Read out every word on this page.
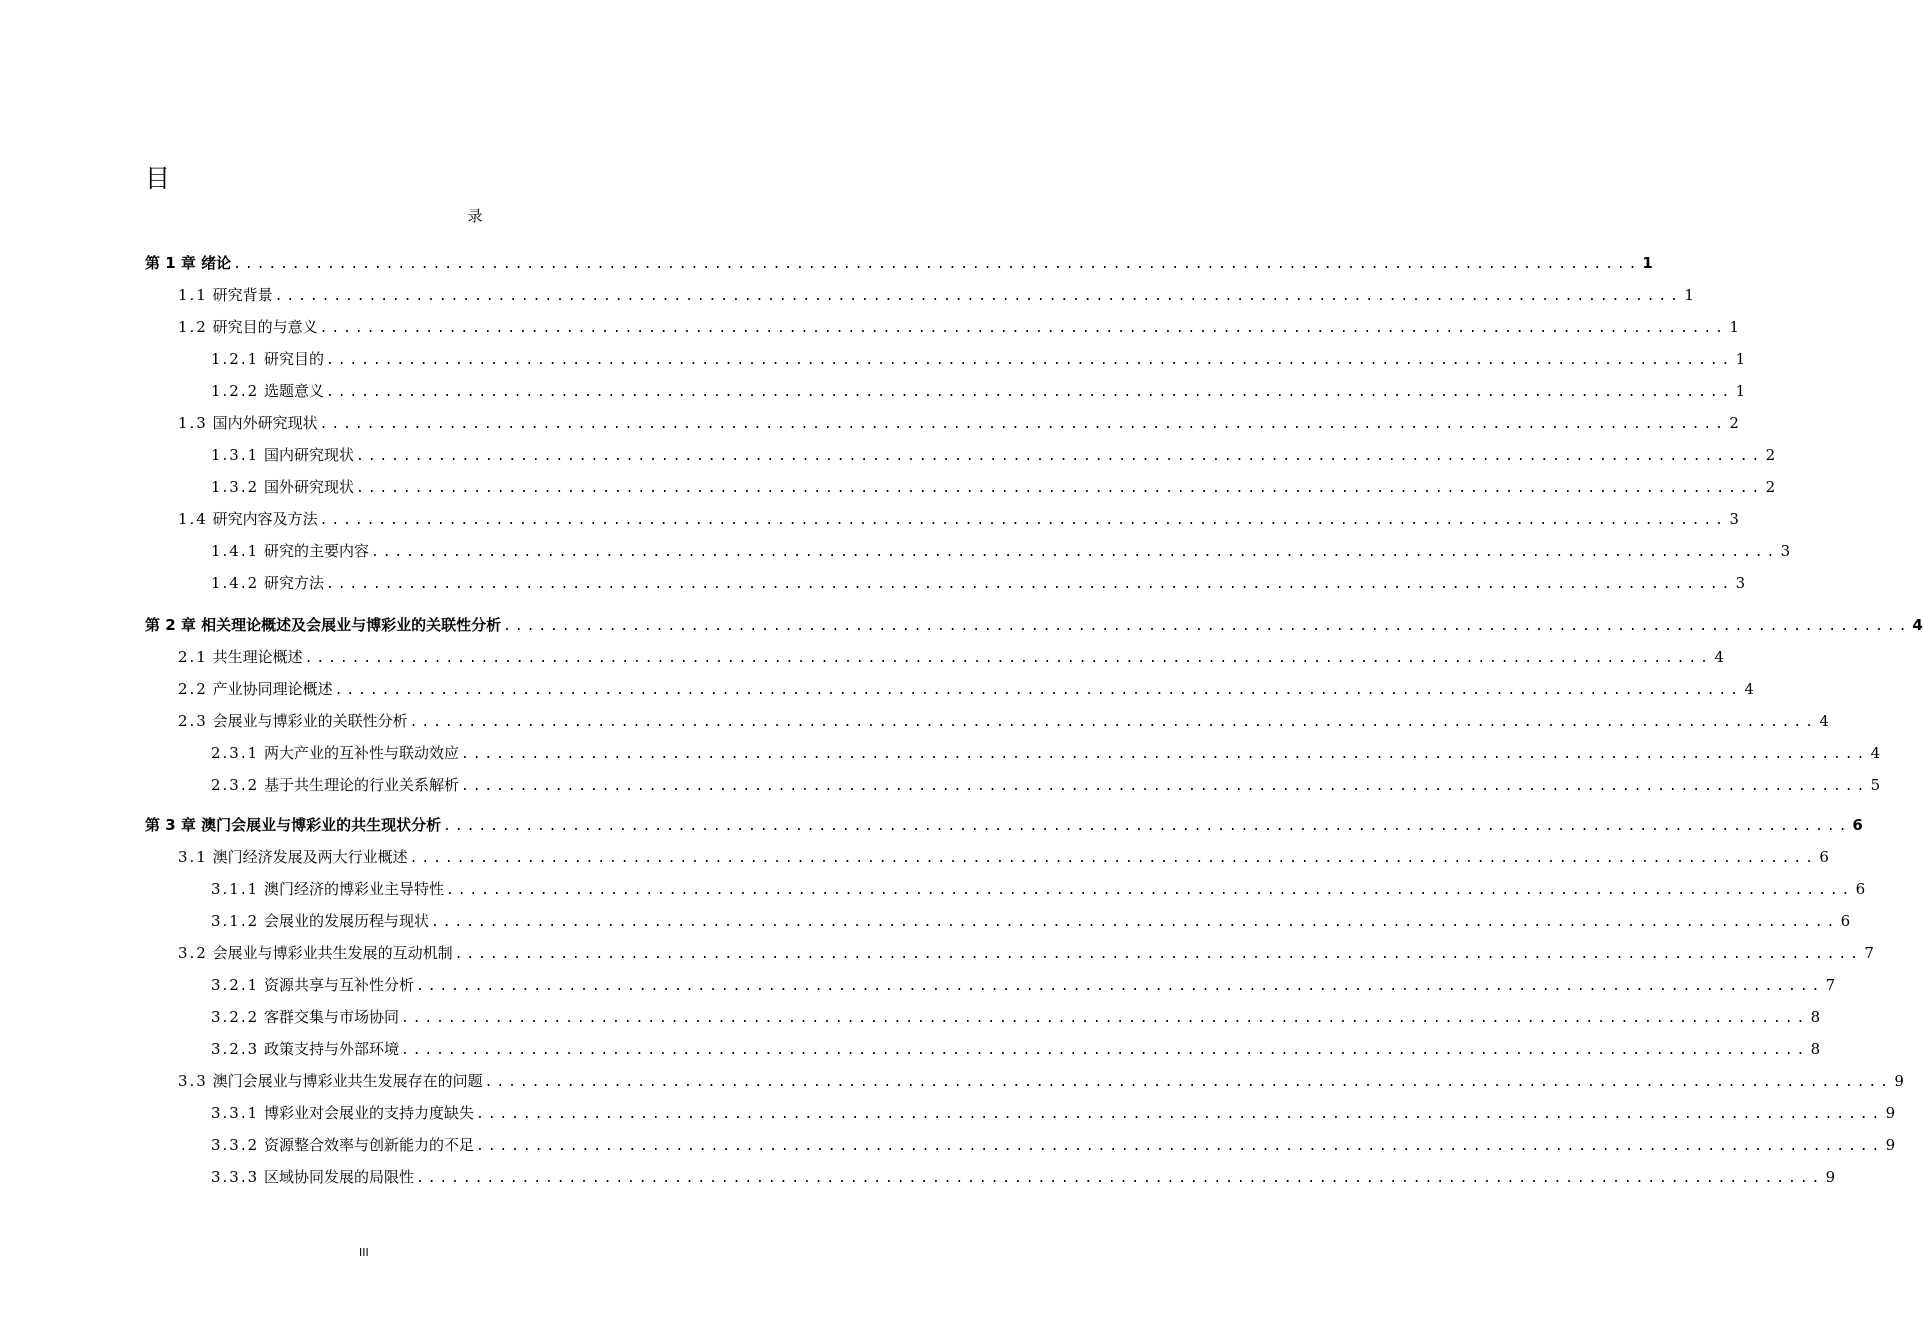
目
录
第 1 章 绪论 ........................................................................................................................ 1
1.1 研究背景 ........................................................................................................................ 1
1.2 研究目的与意义 ........................................................................................................................ 1
1.2.1 研究目的 ........................................................................................................................ 1
1.2.2 选题意义 ........................................................................................................................ 1
1.3 国内外研究现状 ........................................................................................................................ 2
1.3.1 国内研究现状 ........................................................................................................................ 2
1.3.2 国外研究现状 ........................................................................................................................ 2
1.4 研究内容及方法 ........................................................................................................................ 3
1.4.1 研究的主要内容 ........................................................................................................................ 3
1.4.2 研究方法 ........................................................................................................................ 3
第 2 章 相关理论概述及会展业与博彩业的关联性分析 ........................................................................................................................ 4
2.1 共生理论概述 ........................................................................................................................ 4
2.2 产业协同理论概述 ........................................................................................................................ 4
2.3 会展业与博彩业的关联性分析 ........................................................................................................................ 4
2.3.1 两大产业的互补性与联动效应 ........................................................................................................................ 4
2.3.2 基于共生理论的行业关系解析 ........................................................................................................................ 5
第 3 章 澳门会展业与博彩业的共生现状分析 ........................................................................................................................ 6
3.1 澳门经济发展及两大行业概述 ........................................................................................................................ 6
3.1.1 澳门经济的博彩业主导特性 ........................................................................................................................ 6
3.1.2 会展业的发展历程与现状 ........................................................................................................................ 6
3.2 会展业与博彩业共生发展的互动机制 ........................................................................................................................ 7
3.2.1 资源共享与互补性分析 ........................................................................................................................ 7
3.2.2 客群交集与市场协同 ........................................................................................................................ 8
3.2.3 政策支持与外部环境 ........................................................................................................................ 8
3.3 澳门会展业与博彩业共生发展存在的问题 ........................................................................................................................ 9
3.3.1 博彩业对会展业的支持力度缺失 ........................................................................................................................ 9
3.3.2 资源整合效率与创新能力的不足 ........................................................................................................................ 9
3.3.3 区域协同发展的局限性 ........................................................................................................................ 9
III
